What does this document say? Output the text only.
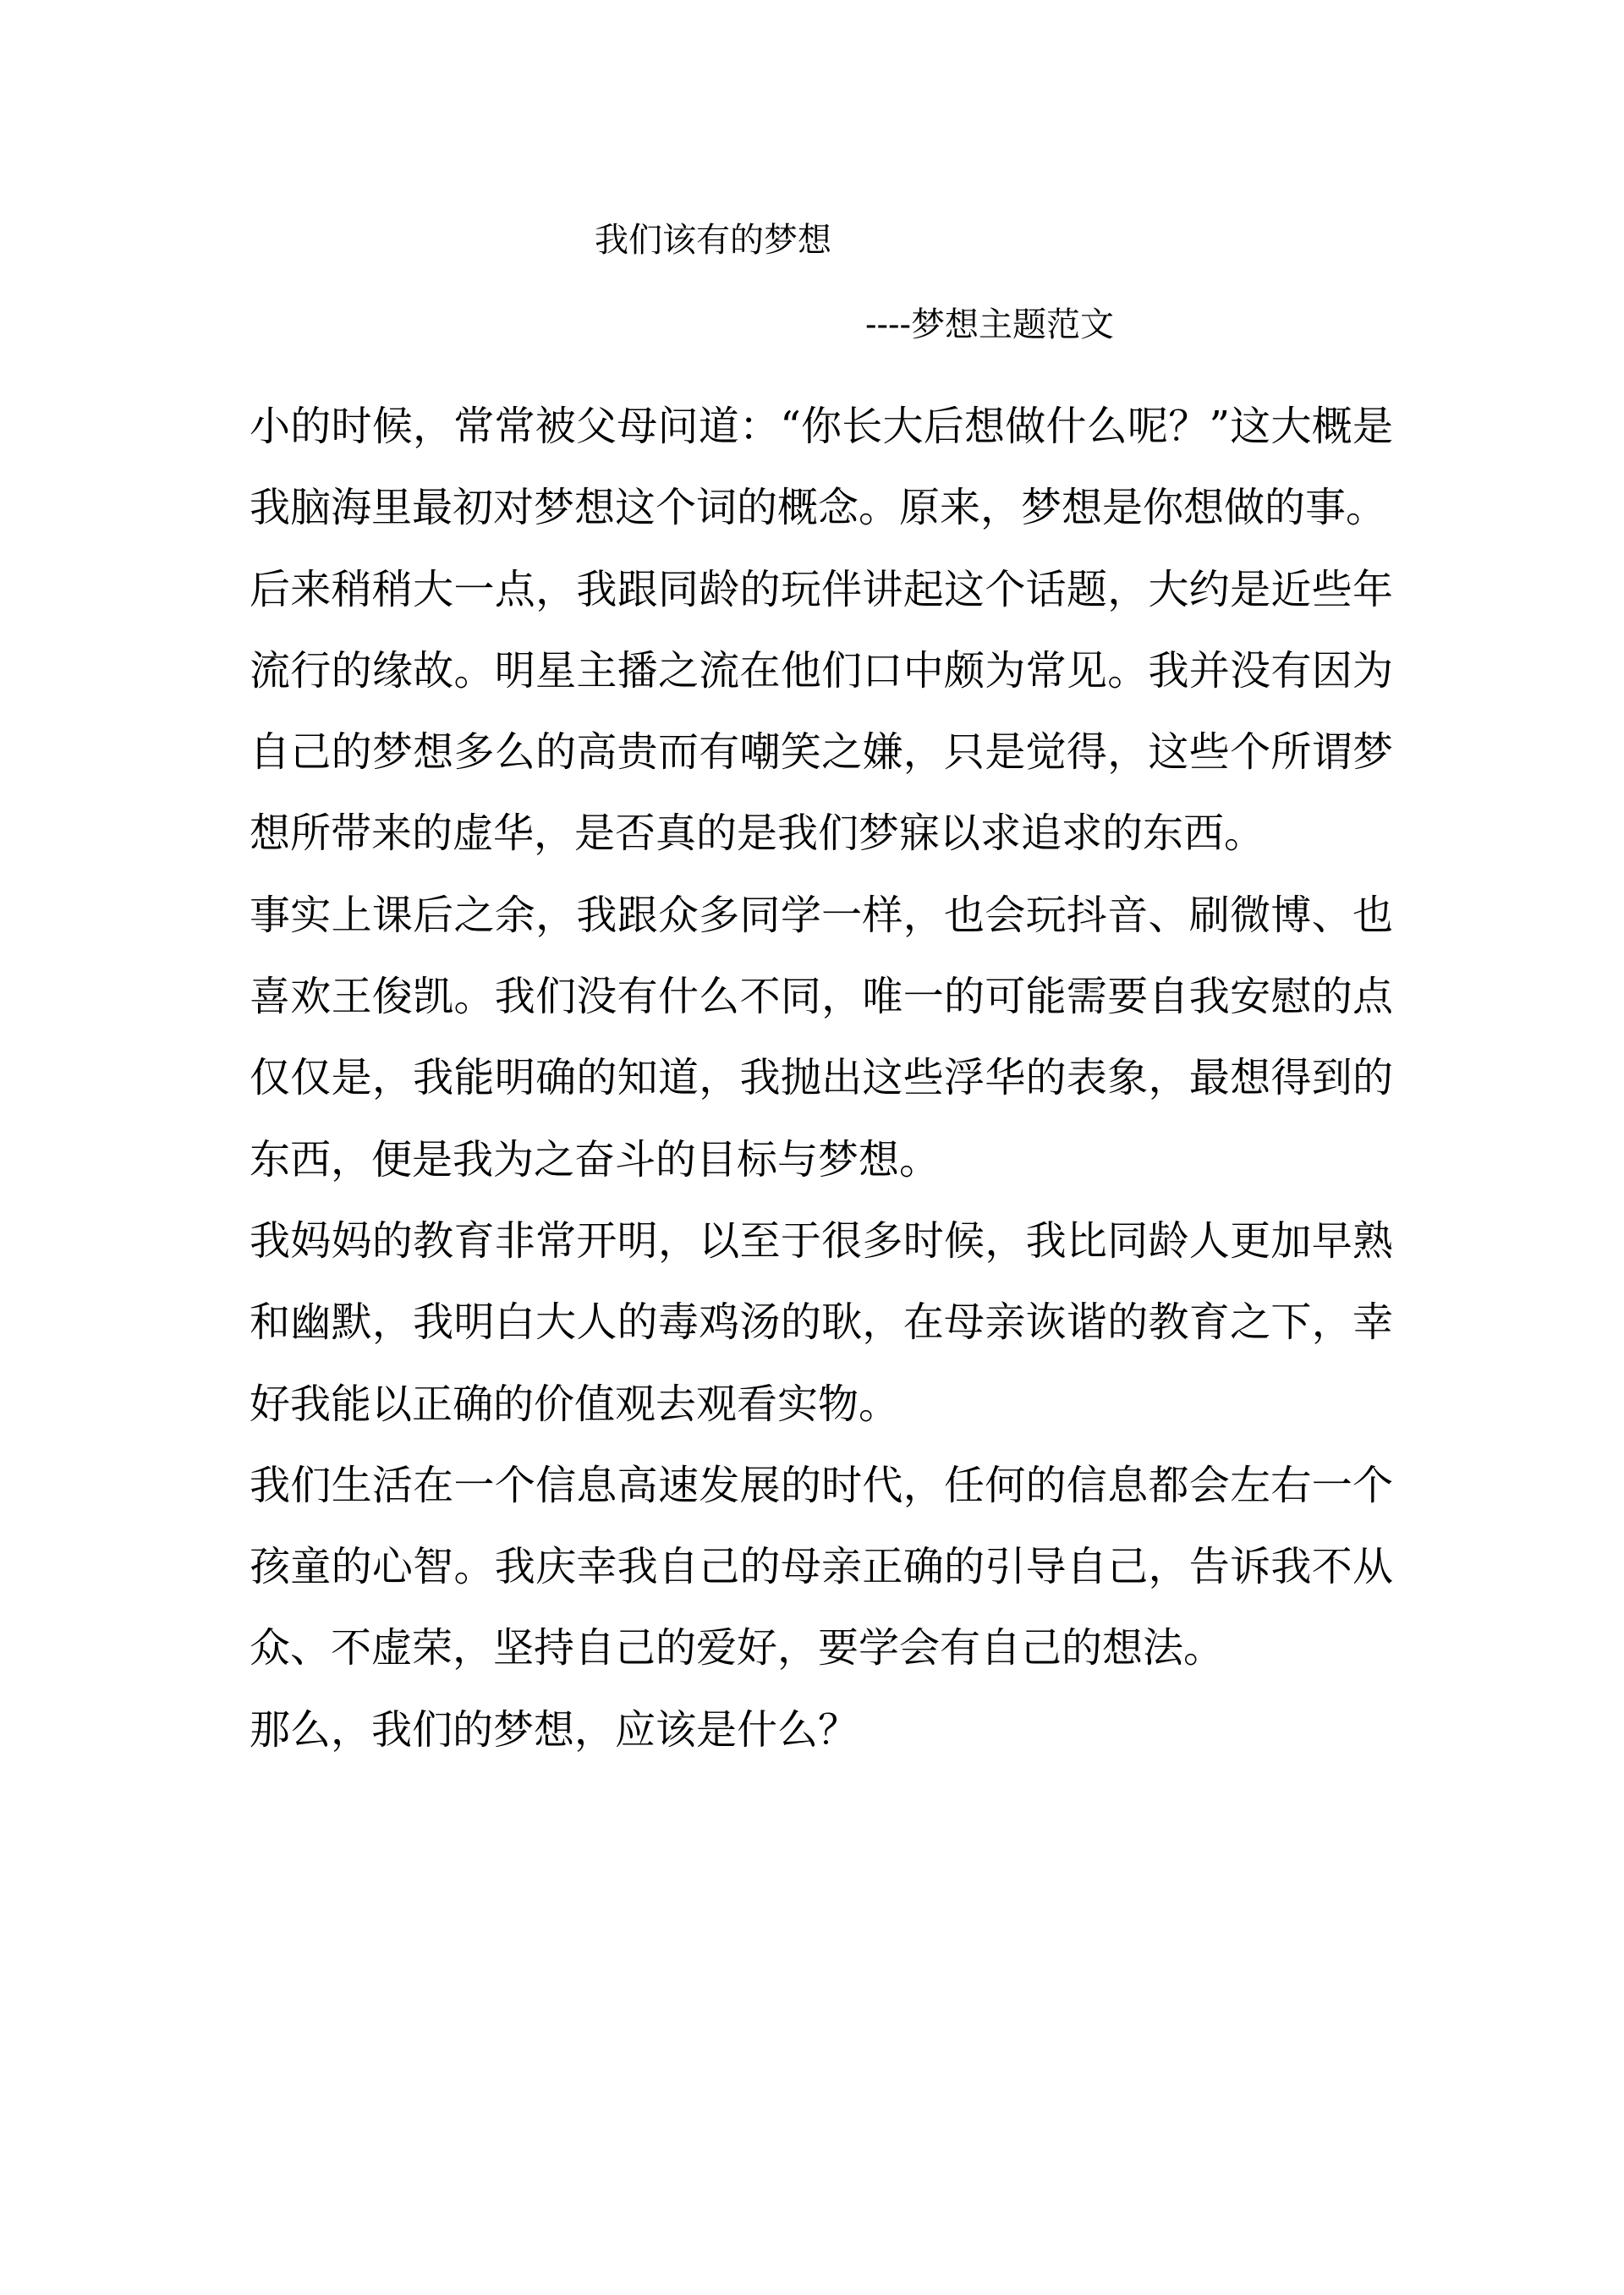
我们该有的梦想
----梦想主题范文

小的时候，常常被父母问道：“你长大后想做什么呢？”这大概是我脑海里最初对梦想这个词的概念。原来，梦想是你想做的事。

后来稍稍大一点，我跟同龄的玩伴讲起这个话题，大约是近些年流行的缘故。明星主播之流在他们口中颇为常见。我并没有因为自己的梦想多么的高贵而有嘲笑之嫌，只是觉得，这些个所谓梦想所带来的虚华，是否真的是我们梦寐以求追求的东西。

事实上课后之余，我跟众多同学一样，也会玩抖音、刷微博、也喜欢王俊凯。我们没有什么不同，唯一的可能需要自我安慰的点仅仅是，我能明确的知道，我抛出这些浮华的表象，最想得到的东西，便是我为之奋斗的目标与梦想。

我妈妈的教育非常开明，以至于很多时候，我比同龄人更加早熟和幽默，我明白大人的毒鸡汤的耿，在母亲诙谐的教育之下，幸好我能以正确的价值观去观看实物。

我们生活在一个信息高速发展的时代，任何的信息都会左右一个孩童的心智。我庆幸我自己的母亲正确的引导自己，告诉我不从众、不虚荣，坚持自己的爱好，要学会有自己的想法。

那么，我们的梦想，应该是什么？
